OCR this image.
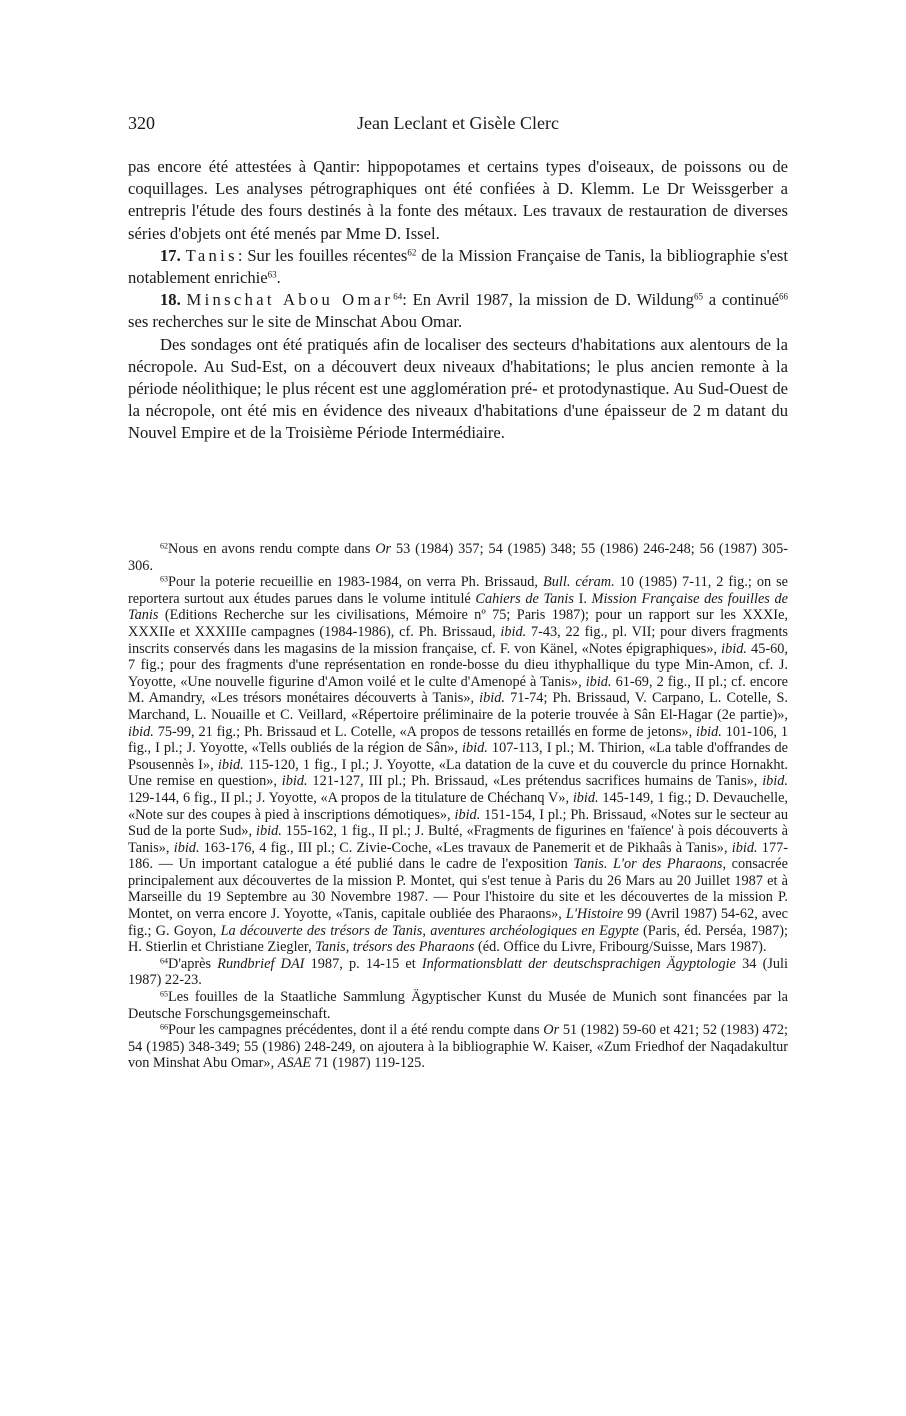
320	Jean Leclant et Gisèle Clerc

pas encore été attestées à Qantir: hippopotames et certains types d'oiseaux, de poissons ou de coquillages. Les analyses pétrographiques ont été confiées à D. Klemm. Le Dr Weissgerber a entrepris l'étude des fours destinés à la fonte des métaux. Les travaux de restauration de diverses séries d'objets ont été menés par Mme D. Issel.

17. Tanis: Sur les fouilles récentes$^{62}$ de la Mission Française de Tanis, la bibliographie s'est notablement enrichie$^{63}$.

18. Minschat Abou Omar$^{64}$: En Avril 1987, la mission de D. Wildung$^{65}$ a continué$^{66}$ ses recherches sur le site de Minschat Abou Omar.

Des sondages ont été pratiqués afin de localiser des secteurs d'habitations aux alentours de la nécropole. Au Sud-Est, on a découvert deux niveaux d'habitations; le plus ancien remonte à la période néolithique; le plus récent est une agglomération pré- et protodynastique. Au Sud-Ouest de la nécropole, ont été mis en évidence des niveaux d'habitations d'une épaisseur de 2 m datant du Nouvel Empire et de la Troisième Période Intermédiaire.

$^{62}$Nous en avons rendu compte dans Or 53 (1984) 357; 54 (1985) 348; 55 (1986) 246-248; 56 (1987) 305-306.

$^{63}$Pour la poterie recueillie en 1983-1984, on verra Ph. Brissaud, Bull. céram. 10 (1985) 7-11, 2 fig.; on se reportera surtout aux études parues dans le volume intitulé Cahiers de Tanis I. Mission Française des fouilles de Tanis (Editions Recherche sur les civilisations, Mémoire nº 75; Paris 1987); pour un rapport sur les XXXIe, XXXIIe et XXXIIIe campagnes (1984-1986), cf. Ph. Brissaud, ibid. 7-43, 22 fig., pl. VII; pour divers fragments inscrits conservés dans les magasins de la mission française, cf. F. von Känel, «Notes épigraphiques», ibid. 45-60, 7 fig.; pour des fragments d'une représentation en ronde-bosse du dieu ithyphallique du type Min-Amon, cf. J. Yoyotte, «Une nouvelle figurine d'Amon voilé et le culte d'Amenopé à Tanis», ibid. 61-69, 2 fig., II pl.; cf. encore M. Amandry, «Les trésors monétaires découverts à Tanis», ibid. 71-74; Ph. Brissaud, V. Carpano, L. Cotelle, S. Marchand, L. Nouaille et C. Veillard, «Répertoire préliminaire de la poterie trouvée à Sân El-Hagar (2e partie)», ibid. 75-99, 21 fig.; Ph. Brissaud et L. Cotelle, «A propos de tessons retaillés en forme de jetons», ibid. 101-106, 1 fig., I pl.; J. Yoyotte, «Tells oubliés de la région de Sân», ibid. 107-113, I pl.; M. Thirion, «La table d'offrandes de Psousennès I», ibid. 115-120, 1 fig., I pl.; J. Yoyotte, «La datation de la cuve et du couvercle du prince Hornakht. Une remise en question», ibid. 121-127, III pl.; Ph. Brissaud, «Les prétendus sacrifices humains de Tanis», ibid. 129-144, 6 fig., II pl.; J. Yoyotte, «A propos de la titulature de Chéchanq V», ibid. 145-149, 1 fig.; D. Devauchelle, «Note sur des coupes à pied à inscriptions démotiques», ibid. 151-154, I pl.; Ph. Brissaud, «Notes sur le secteur au Sud de la porte Sud», ibid. 155-162, 1 fig., II pl.; J. Bulté, «Fragments de figurines en 'faïence' à pois découverts à Tanis», ibid. 163-176, 4 fig., III pl.; C. Zivie-Coche, «Les travaux de Panemerit et de Pikhaâs à Tanis», ibid. 177-186. — Un important catalogue a été publié dans le cadre de l'exposition Tanis. L'or des Pharaons, consacrée principalement aux découvertes de la mission P. Montet, qui s'est tenue à Paris du 26 Mars au 20 Juillet 1987 et à Marseille du 19 Septembre au 30 Novembre 1987. — Pour l'histoire du site et les découvertes de la mission P. Montet, on verra encore J. Yoyotte, «Tanis, capitale oubliée des Pharaons», L'Histoire 99 (Avril 1987) 54-62, avec fig.; G. Goyon, La découverte des trésors de Tanis, aventures archéologiques en Egypte (Paris, éd. Perséa, 1987); H. Stierlin et Christiane Ziegler, Tanis, trésors des Pharaons (éd. Office du Livre, Fribourg/Suisse, Mars 1987).

$^{64}$D'après Rundbrief DAI 1987, p. 14-15 et Informationsblatt der deutschsprachigen Ägyptologie 34 (Juli 1987) 22-23.

$^{65}$Les fouilles de la Staatliche Sammlung Ägyptischer Kunst du Musée de Munich sont financées par la Deutsche Forschungsgemeinschaft.

$^{66}$Pour les campagnes précédentes, dont il a été rendu compte dans Or 51 (1982) 59-60 et 421; 52 (1983) 472; 54 (1985) 348-349; 55 (1986) 248-249, on ajoutera à la bibliographie W. Kaiser, «Zum Friedhof der Naqadakultur von Minshat Abu Omar», ASAE 71 (1987) 119-125.
